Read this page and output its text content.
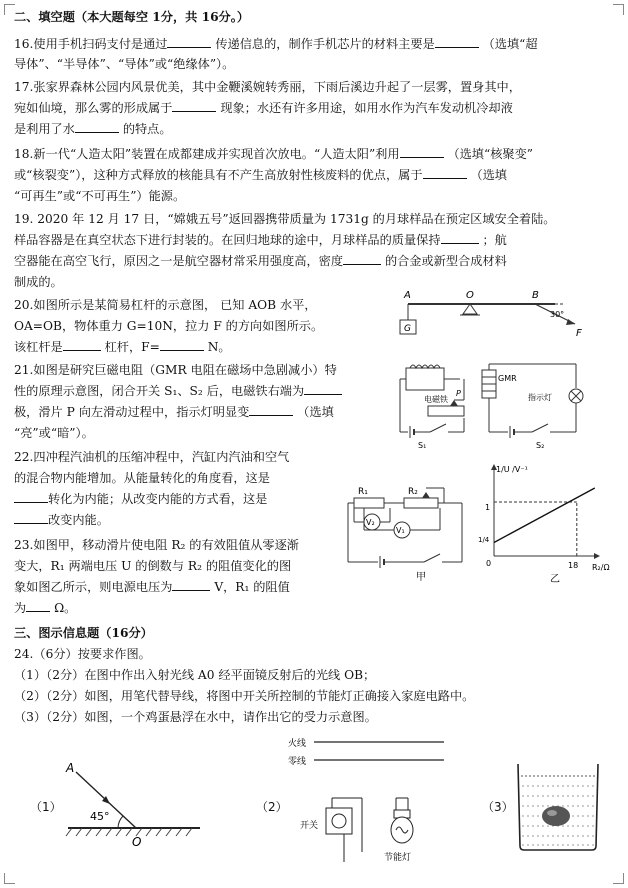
二、填空题（本大题每空 1分，共 16分。）
16.使用手机扫码支付是通过	传递信息的，制作手机芯片的材料主要是	（选填“超
导体”、“半导体”、“导体”或“绝缘体”）。
17.张家界森林公园内风景优美，其中金鞭溪婉转秀丽，下雨后溪边升起了一层雾，置身其中，
宛如仙境，那么雾的形成属于	现象；水还有许多用途，如用水作为汽车发动机冷却液
是利用了水	的特点。
18.新一代“人造太阳”装置在成都建成并实现首次放电。“人造太阳”利用	（选填“核聚变”
或“核裂变”），这种方式释放的核能具有不产生高放射性核废料的优点，属于	（选填
“可再生”或“不可再生”）能源。
19. 2020 年 12 月 17 日，“嫦娥五号”返回器携带质量为 1731g 的月球样品在预定区域安全着陆。
样品容器是在真空状态下进行封装的。在回归地球的途中，月球样品的质量保持	；航
空器能在高空飞行，原因之一是航空器材常采用强度高，密度	的合金或新型合成材料
制成的。
20.如图所示是某简易杠杆的示意图， 已知 AOB 水平，
OA=OB，物体重力 G=10N，拉力 F 的方向如图所示。
该杠杆是	杠杆，F=	N。
21.如图是研究巨磁电阻（GMR 电阻在磁场中急剧减小）特
性的原理示意图，闭合开关 S₁、S₂ 后，电磁铁右端为
极，滑片 P 向左滑动过程中，指示灯明显变	（选填
“亮”或“暗”）。
22.四冲程汽油机的压缩冲程中，汽缸内汽油和空气
的混合物内能增加。从能量转化的角度看，这是
转化为内能；从改变内能的方式看，这是
改变内能。
23.如图甲，移动滑片使电阻 R₂ 的有效阻值从零逐渐
变大，R₁ 两端电压 U 的倒数与 R₂ 的阻值变化的图
象如图乙所示，则电源电压为	V，R₁ 的阻值
为 Ω。
三、图示信息题（16分）
24.（6分）按要求作图。
（1）（2分）在图中作出入射光线 A0 经平面镜反射后的光线 OB；
（2）（2分）如图，用笔代替导线，将图中开关所控制的节能灯正确接入家庭电路中。
（3）（2分）如图，一个鸡蛋悬浮在水中，请作出它的受力示意图。
A	O	B
G	F
30°
电磁铁
P
S₁
GMR
指示灯
S₂
R₁	R₂
V₂
V₁
甲
1/U /V⁻¹
R₂/Ω
0	18
1
1/4
乙
（1）
A
45°
O
（2）
火线
零线
开关
节能灯
（3）
